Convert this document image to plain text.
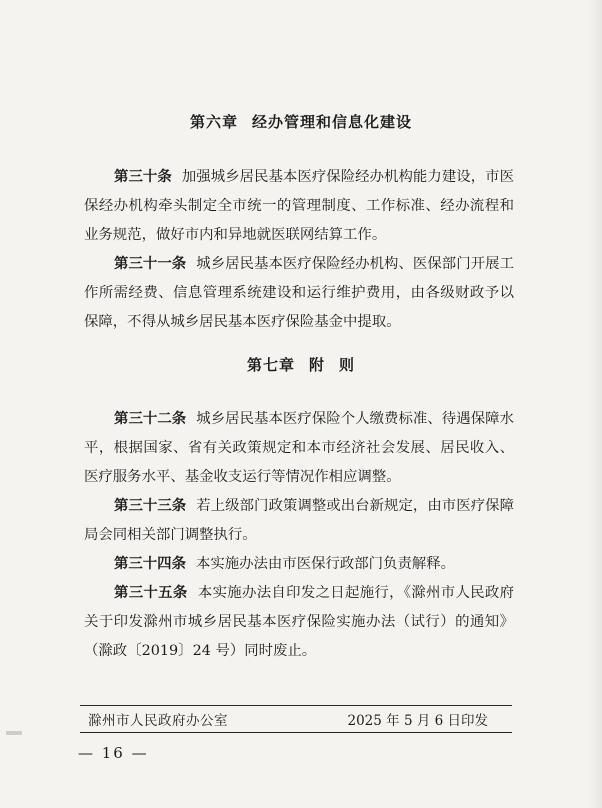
第六章 经办管理和信息化建设

第三十条 加强城乡居民基本医疗保险经办机构能力建设，市医保经办机构牵头制定全市统一的管理制度、工作标准、经办流程和业务规范，做好市内和异地就医联网结算工作。

第三十一条 城乡居民基本医疗保险经办机构、医保部门开展工作所需经费、信息管理系统建设和运行维护费用，由各级财政予以保障，不得从城乡居民基本医疗保险基金中提取。

第七章 附 则

第三十二条 城乡居民基本医疗保险个人缴费标准、待遇保障水平，根据国家、省有关政策规定和本市经济社会发展、居民收入、医疗服务水平、基金收支运行等情况作相应调整。

第三十三条 若上级部门政策调整或出台新规定，由市医疗保障局会同相关部门调整执行。

第三十四条 本实施办法由市医保行政部门负责解释。

第三十五条 本实施办法自印发之日起施行，《滁州市人民政府关于印发滁州市城乡居民基本医疗保险实施办法（试行）的通知》（滁政〔2019〕24 号）同时废止。

滁州市人民政府办公室	2025 年 5 月 6 日印发
— 16 —
